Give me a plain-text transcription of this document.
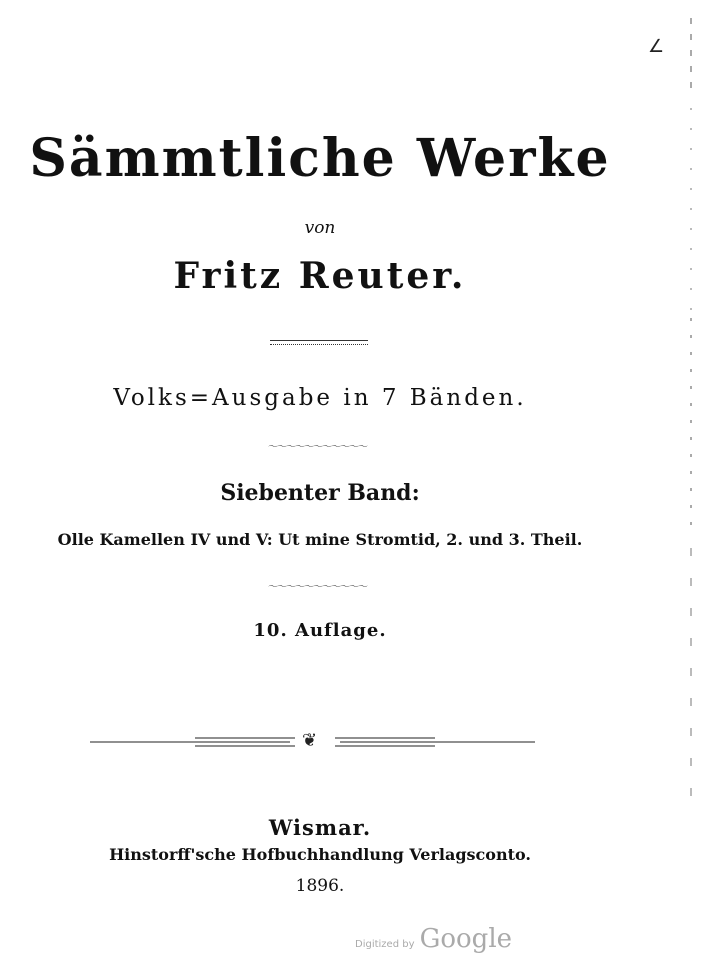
∠
Sämmtliche Werke
von
Fritz Reuter.
Volks=Ausgabe in 7 Bänden.
〜〜〜〜〜〜〜〜〜〜〜
Siebenter Band:
Olle Kamellen IV und V: Ut mine Stromtid, 2. und 3. Theil.
〜〜〜〜〜〜〜〜〜〜〜
10. Auflage.
❦
Wismar.
Hinstorff'sche Hofbuchhandlung Verlagsconto.
1896.
Digitized by Google
